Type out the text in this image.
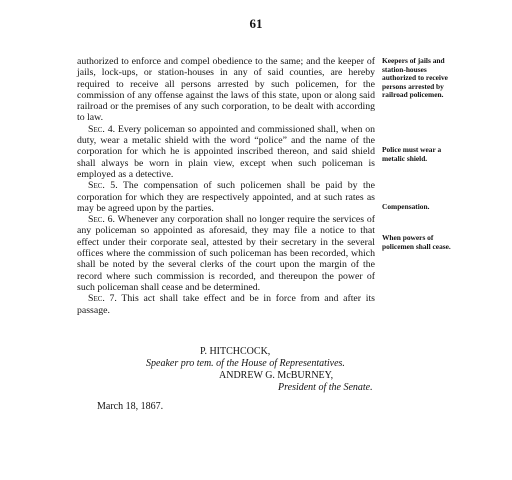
61

authorized to enforce and compel obedience to the same; and the keeper of jails, lock-ups, or station-houses in any of said counties, are hereby required to receive all persons arrested by such policemen, for the commission of any offense against the laws of this state, upon or along said railroad or the premises of any such corporation, to be dealt with according to law.

Sec. 4. Every policeman so appointed and commissioned shall, when on duty, wear a metalic shield with the word “police” and the name of the corporation for which he is appointed inscribed thereon, and said shield shall always be worn in plain view, except when such policeman is employed as a detective.

Sec. 5. The compensation of such policemen shall be paid by the corporation for which they are respectively appointed, and at such rates as may be agreed upon by the parties.

Sec. 6. Whenever any corporation shall no longer require the services of any policeman so appointed as aforesaid, they may file a notice to that effect under their corporate seal, attested by their secretary in the several offices where the commission of such policeman has been recorded, which shall be noted by the several clerks of the court upon the margin of the record where such commission is recorded, and thereupon the power of such policeman shall cease and be determined.

Sec. 7. This act shall take effect and be in force from and after its passage.

Keepers of jails and station-houses authorized to receive persons arrested by railroad policemen.
Police must wear a metalic shield.
Compensation.
When powers of policemen shall cease.
P. HITCHCOCK,
Speaker pro tem. of the House of Representatives.
ANDREW G. McBURNEY,
President of the Senate.
March 18, 1867.
